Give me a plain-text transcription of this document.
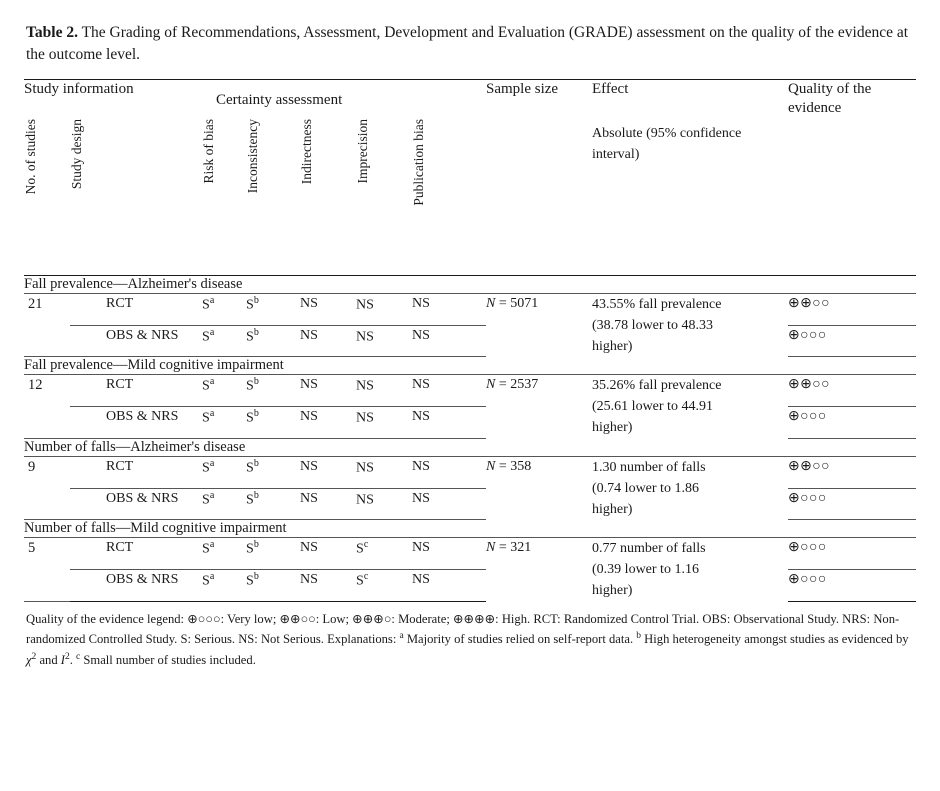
Table 2. The Grading of Recommendations, Assessment, Development and Evaluation (GRADE) assessment on the quality of the evidence at the outcome level.
Study information		Certainty assessment					Sample size	Effect	Quality of the evidence
No. of studies	Study design	Risk of bias	Inconsistency	Indirectness	Imprecision	Publication bias		Absolute (95% confidence interval)	
Fall prevalence—Alzheimer's disease									
21	RCT	$S^a$	$S^b$	NS	NS	NS	N = 5071	43.55% fall prevalence
(38.78 lower to 48.33
higher)	⊕⊕○○
	OBS & NRS	$S^a$	$S^b$	NS	NS	NS			⊕○○○
Fall prevalence—Mild cognitive impairment									
12	RCT	$S^a$	$S^b$	NS	NS	NS	N = 2537	35.26% fall prevalence
(25.61 lower to 44.91
higher)	⊕⊕○○
	OBS & NRS	$S^a$	$S^b$	NS	NS	NS			⊕○○○
Number of falls—Alzheimer's disease									
9	RCT	$S^a$	$S^b$	NS	NS	NS	N = 358	1.30 number of falls
(0.74 lower to 1.86
higher)	⊕⊕○○
	OBS & NRS	$S^a$	$S^b$	NS	NS	NS			⊕○○○
Number of falls—Mild cognitive impairment									
5	RCT	$S^a$	$S^b$	NS	$S^c$	NS	N = 321	0.77 number of falls
(0.39 lower to 1.16
higher)	⊕○○○
	OBS & NRS	$S^a$	$S^b$	NS	$S^c$	NS			⊕○○○
Quality of the evidence legend: ⊕○○○: Very low; ⊕⊕○○: Low; ⊕⊕⊕○: Moderate; ⊕⊕⊕⊕: High. RCT: Randomized Control Trial. OBS: Observational Study. NRS: Non-randomized Controlled Study. S: Serious. NS: Not Serious. Explanations: $^a$ Majority of studies relied on self-report data. $^b$ High heterogeneity amongst studies as evidenced by $\chi^2$ and $I^2$. $^c$ Small number of studies included.
